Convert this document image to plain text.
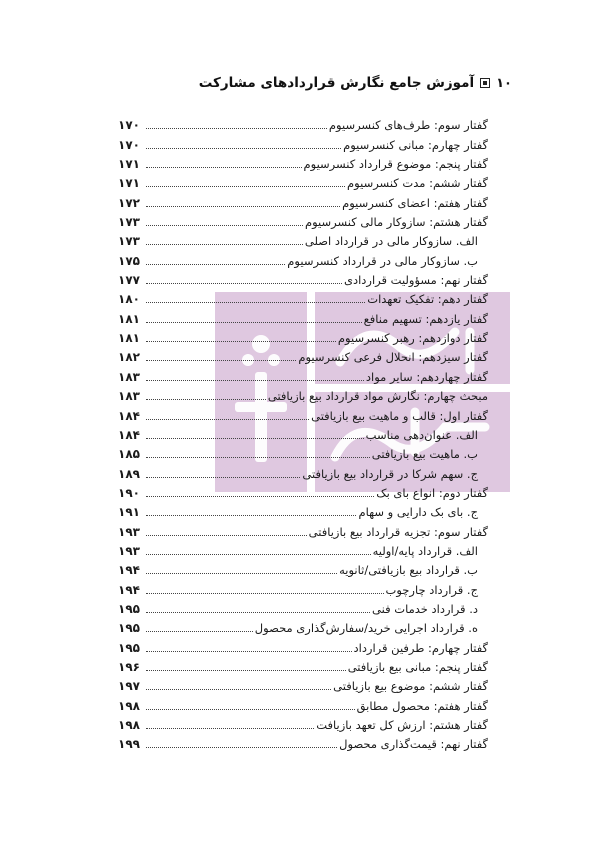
۱۰
آموزش جامع نگارش قراردادهای مشارکت
گفتار سوم: طرف‌های کنسرسیوم
۱۷۰
گفتار چهارم: مبانی کنسرسیوم
۱۷۰
گفتار پنجم: موضوع قرارداد کنسرسیوم
۱۷۱
گفتار ششم: مدت کنسرسیوم
۱۷۱
گفتار هفتم: اعضای کنسرسیوم
۱۷۲
گفتار هشتم: سازوکار مالی کنسرسیوم
۱۷۳
الف. سازوکار مالی در قرارداد اصلی
۱۷۳
ب. سازوکار مالی در قرارداد کنسرسیوم
۱۷۵
گفتار نهم: مسؤولیت قراردادی
۱۷۷
گفتار دهم: تفکیک تعهدات
۱۸۰
گفتار یازدهم: تسهیم منافع
۱۸۱
گفتار دوازدهم: رهبر کنسرسیوم
۱۸۱
گفتار سیزدهم: انحلال فرعی کنسرسیوم
۱۸۲
گفتار چهاردهم: سایر مواد
۱۸۳
مبحث چهارم: نگارش مواد قرارداد بیع بازیافتی
۱۸۳
گفتار اول: قالب و ماهیت بیع بازیافتی
۱۸۴
الف. عنوان‌دهی مناسب
۱۸۴
ب. ماهیت بیع بازیافتی
۱۸۵
ج. سهم شرکا در قرارداد بیع بازیافتی
۱۸۹
گفتار دوم: انواع بای بک
۱۹۰
ج. بای بک دارایی و سهام
۱۹۱
گفتار سوم: تجزیه قرارداد بیع بازیافتی
۱۹۳
الف. قرارداد پایه/اولیه
۱۹۳
ب. قرارداد بیع بازیافتی/ثانویه
۱۹۴
ج. قرارداد چارچوب
۱۹۴
د. قرارداد خدمات فنی
۱۹۵
ه. قرارداد اجرایی خرید/سفارش‌گذاری محصول
۱۹۵
گفتار چهارم: طرفین قرارداد
۱۹۵
گفتار پنجم: مبانی بیع بازیافتی
۱۹۶
گفتار ششم: موضوع بیع بازیافتی
۱۹۷
گفتار هفتم: محصول مطابق
۱۹۸
گفتار هشتم: ارزش کل تعهد بازیافت
۱۹۸
گفتار نهم: قیمت‌گذاری محصول
۱۹۹
